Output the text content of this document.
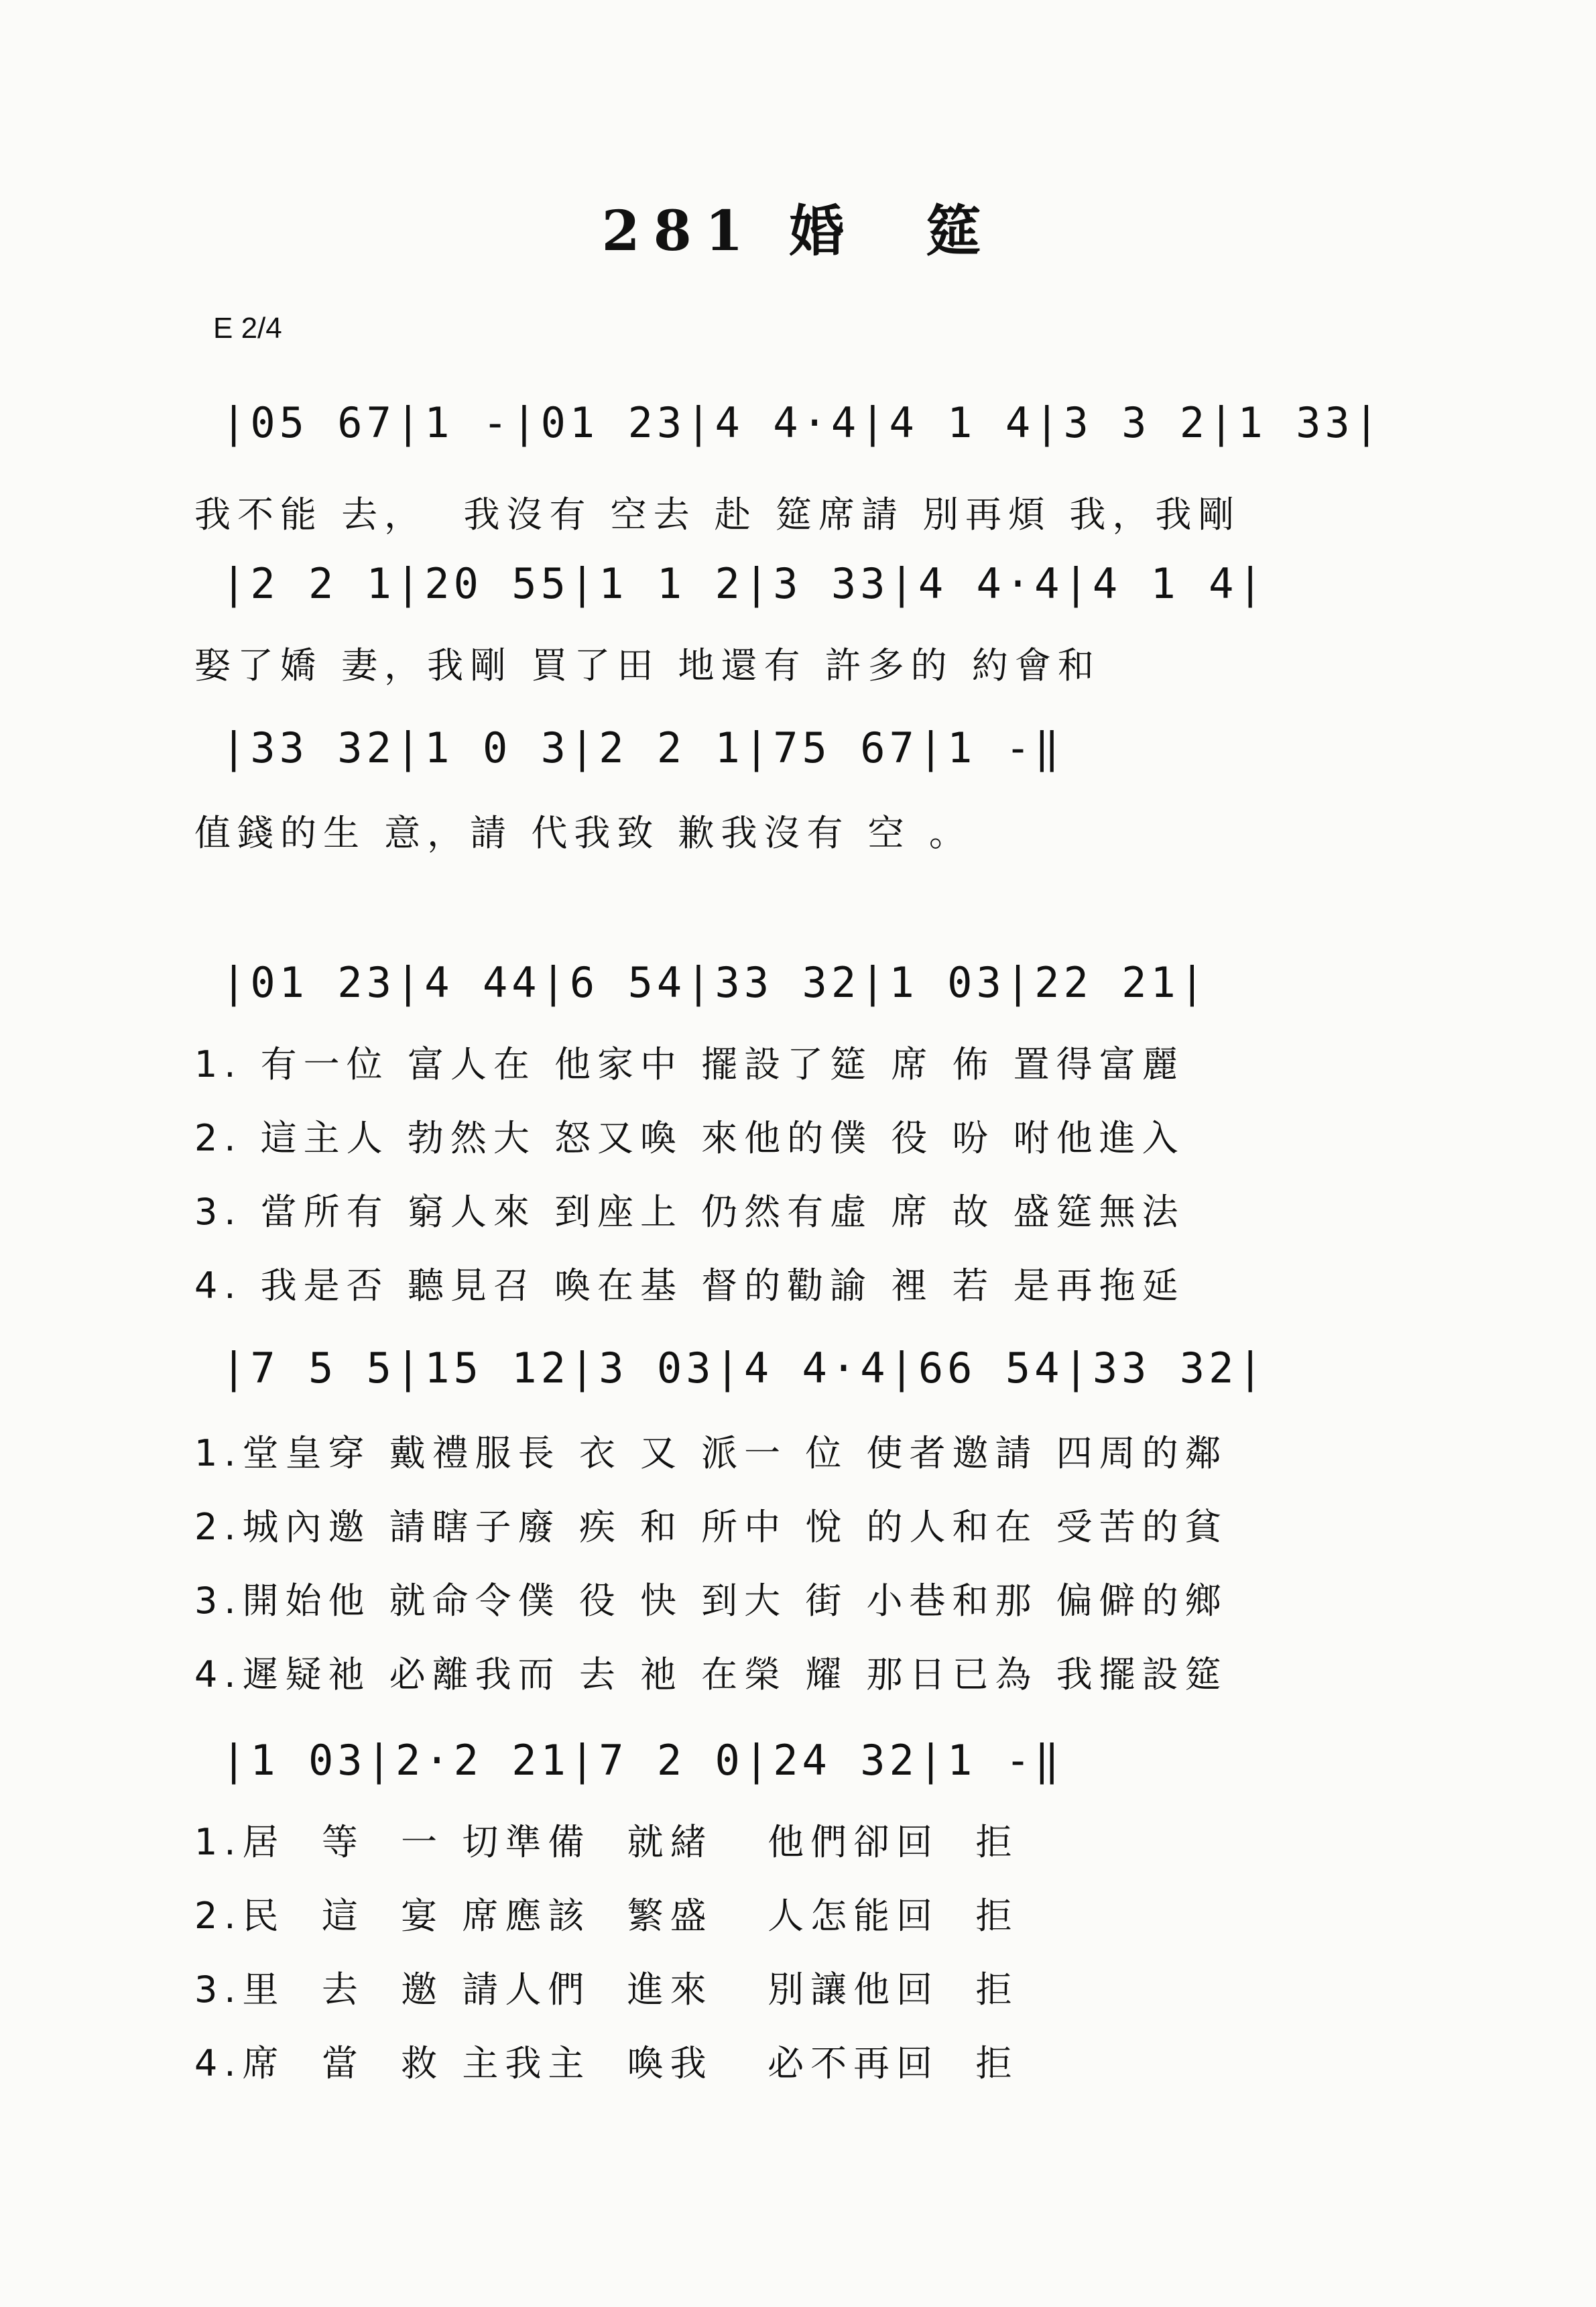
281 婚　筵
E 2/4
|05 67|1 -|01 23|4 4·4|4 1 4|3 3 2|1 33|
我不能 去，  我沒有 空去 赴 筵席請 別再煩 我，我剛
|2 2 1|20 55|1 1 2|3 33|4 4·4|4 1 4|
娶了嬌 妻，我剛 買了田 地還有 許多的 約會和
|33 32|1 0 3|2 2 1|75 67|1 -‖
值錢的生 意，請 代我致 歉我沒有 空 。
|01 23|4 44|6 54|33 32|1 03|22 21|
1. 有一位 富人在 他家中 擺設了筵 席 佈 置得富麗
2. 這主人 勃然大 怒又喚 來他的僕 役 吩 咐他進入
3. 當所有 窮人來 到座上 仍然有虛 席 故 盛筵無法
4. 我是否 聽見召 喚在基 督的勸諭 裡 若 是再拖延
|7 5 5|15 12|3 03|4 4·4|66 54|33 32|
1.堂皇穿 戴禮服長 衣 又 派一 位 使者邀請 四周的鄰
2.城內邀 請瞎子廢 疾 和 所中 悅 的人和在 受苦的貧
3.開始他 就命令僕 役 快 到大 街 小巷和那 偏僻的鄉
4.遲疑祂 必離我而 去 祂 在榮 耀 那日已為 我擺設筵
|1 03|2·2 21|7 2 0|24 32|1 -‖
1.居  等  一 切準備  就緒   他們卻回  拒
2.民  這  宴 席應該  繁盛   人怎能回  拒
3.里  去  邀 請人們  進來   別讓他回  拒
4.席  當  救 主我主  喚我   必不再回  拒
